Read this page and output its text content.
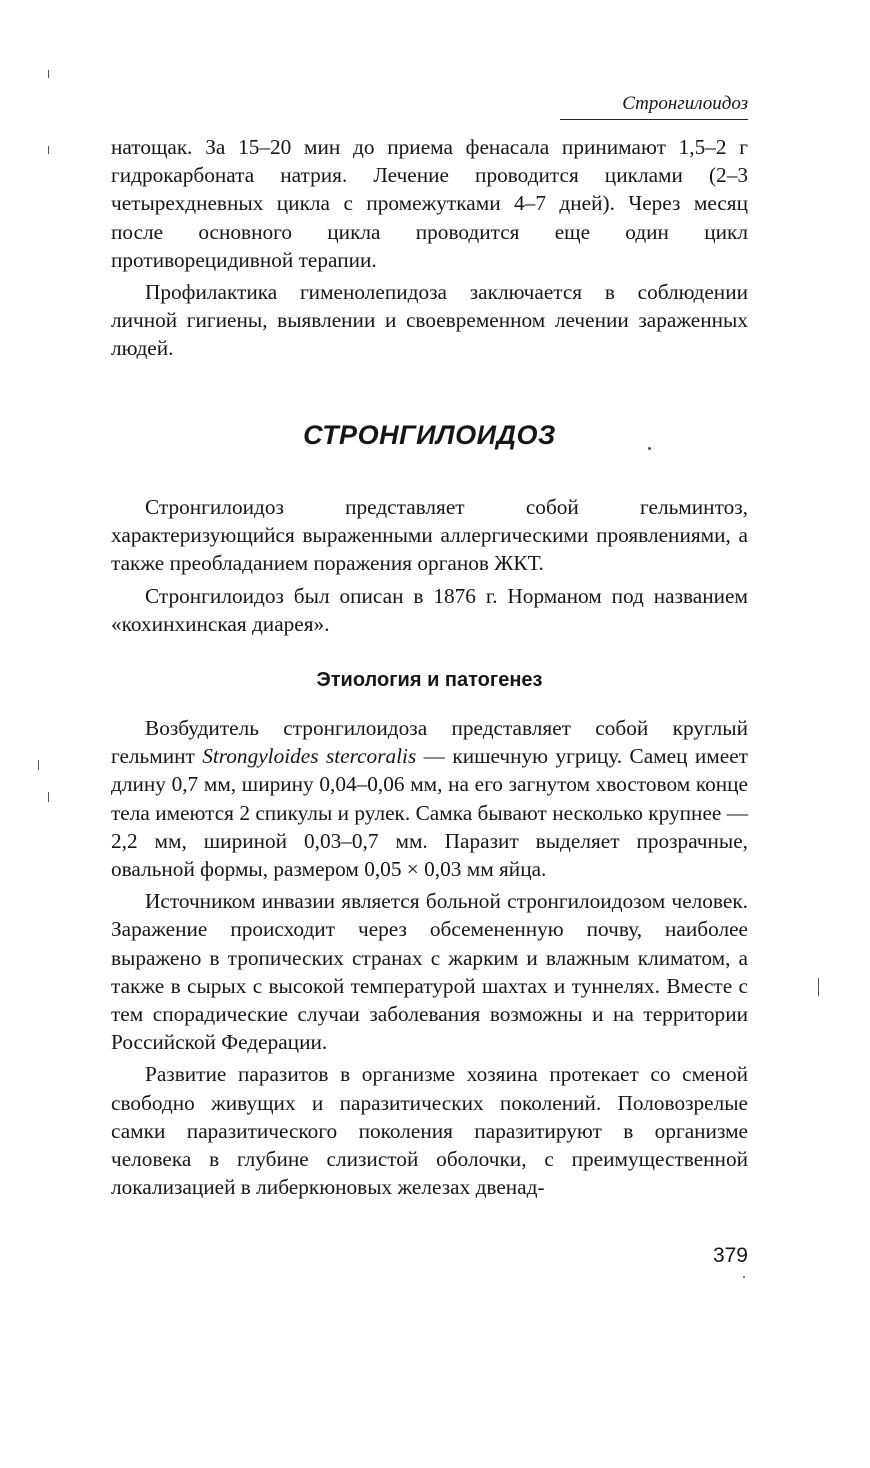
Стронгилоидоз

натощак. За 15–20 мин до приема фенасала принимают 1,5–2 г гидрокарбоната натрия. Лечение проводится циклами (2–3 четырехдневных цикла с промежутками 4–7 дней). Через месяц после основного цикла проводится еще один цикл противорецидивной терапии.

Профилактика гименолепидоза заключается в соблюдении личной гигиены, выявлении и своевременном лечении зараженных людей.

СТРОНГИЛОИДОЗ

Стронгилоидоз представляет собой гельминтоз, характеризующийся выраженными аллергическими проявлениями, а также преобладанием поражения органов ЖКТ.

Стронгилоидоз был описан в 1876 г. Норманом под названием «кохинхинская диарея».

Этиология и патогенез

Возбудитель стронгилоидоза представляет собой круглый гельминт Strongyloides stercoralis — кишечную угрицу. Самец имеет длину 0,7 мм, ширину 0,04–0,06 мм, на его загнутом хвостовом конце тела имеются 2 спикулы и рулек. Самка бывают несколько крупнее — 2,2 мм, шириной 0,03–0,7 мм. Паразит выделяет прозрачные, овальной формы, размером 0,05 × 0,03 мм яйца.

Источником инвазии является больной стронгилоидозом человек. Заражение происходит через обсемененную почву, наиболее выражено в тропических странах с жарким и влажным климатом, а также в сырых с высокой температурой шахтах и туннелях. Вместе с тем спорадические случаи заболевания возможны и на территории Российской Федерации.

Развитие паразитов в организме хозяина протекает со сменой свободно живущих и паразитических поколений. Половозрелые самки паразитического поколения паразитируют в организме человека в глубине слизистой оболочки, с преимущественной локализацией в либеркюновых железах двенад-

379
